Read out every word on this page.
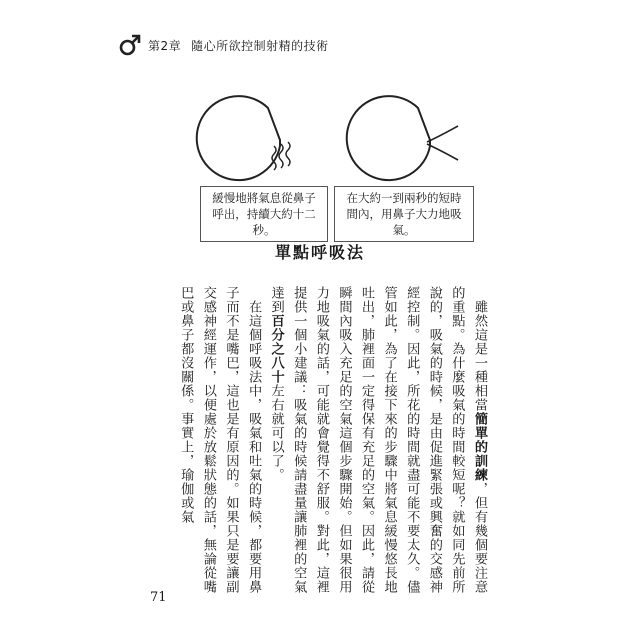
第2章 隨心所欲控制射精的技術
緩慢地將氣息從鼻子呼出，持續大約十二秒。
在大約一到兩秒的短時間內，用鼻子大力地吸氣。
單點呼吸法

　雖然這是一種相當簡單的訓練，但有幾個要注意的重點。為什麼吸氣的時間較短呢？就如同先前所說的，吸氣的時候，是由促進緊張或興奮的交感神經控制。因此，所花的時間就盡可能不要太久。儘管如此，為了在接下來的步驟中將氣息緩慢悠長地吐出，肺裡面一定得保有充足的空氣。因此，請從瞬間內吸入充足的空氣這個步驟開始。但如果很用力地吸氣的話，可能就會覺得不舒服。對此，這裡提供一個小建議：吸氣的時候請盡量讓肺裡的空氣達到百分之八十左右就可以了。

　在這個呼吸法中，吸氣和吐氣的時候，都要用鼻子而不是嘴巴，這也是有原因的。如果只是要讓副交感神經運作，以便處於放鬆狀態的話，無論從嘴巴或鼻子都沒關係。事實上，瑜伽或氣

71
